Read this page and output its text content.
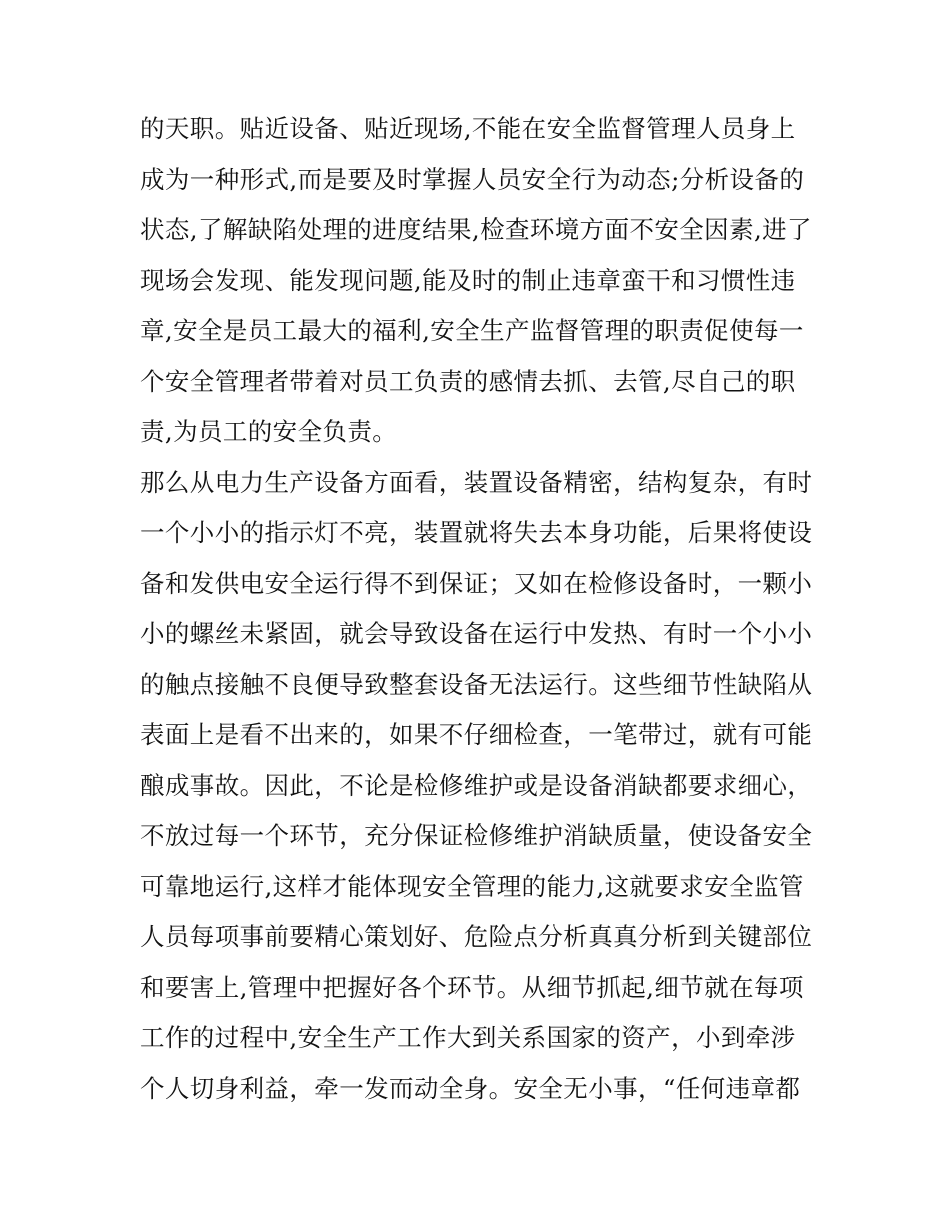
的天职。贴近设备、贴近现场,不能在安全监督管理人员身上
成为一种形式,而是要及时掌握人员安全行为动态;分析设备的
状态,了解缺陷处理的进度结果,检查环境方面不安全因素,进了
现场会发现、能发现问题,能及时的制止违章蛮干和习惯性违
章,安全是员工最大的福利,安全生产监督管理的职责促使每一
个安全管理者带着对员工负责的感情去抓、去管,尽自己的职
责,为员工的安全负责。
那么从电力生产设备方面看，装置设备精密，结构复杂，有时
一个小小的指示灯不亮，装置就将失去本身功能，后果将使设
备和发供电安全运行得不到保证；又如在检修设备时，一颗小
小的螺丝未紧固，就会导致设备在运行中发热、有时一个小小
的触点接触不良便导致整套设备无法运行。这些细节性缺陷从
表面上是看不出来的，如果不仔细检查，一笔带过，就有可能
酿成事故。因此，不论是检修维护或是设备消缺都要求细心，
不放过每一个环节，充分保证检修维护消缺质量，使设备安全
可靠地运行,这样才能体现安全管理的能力,这就要求安全监管
人员每项事前要精心策划好、危险点分析真真分析到关键部位
和要害上,管理中把握好各个环节。从细节抓起,细节就在每项
工作的过程中,安全生产工作大到关系国家的资产，小到牵涉
个人切身利益，牵一发而动全身。安全无小事，“任何违章都
